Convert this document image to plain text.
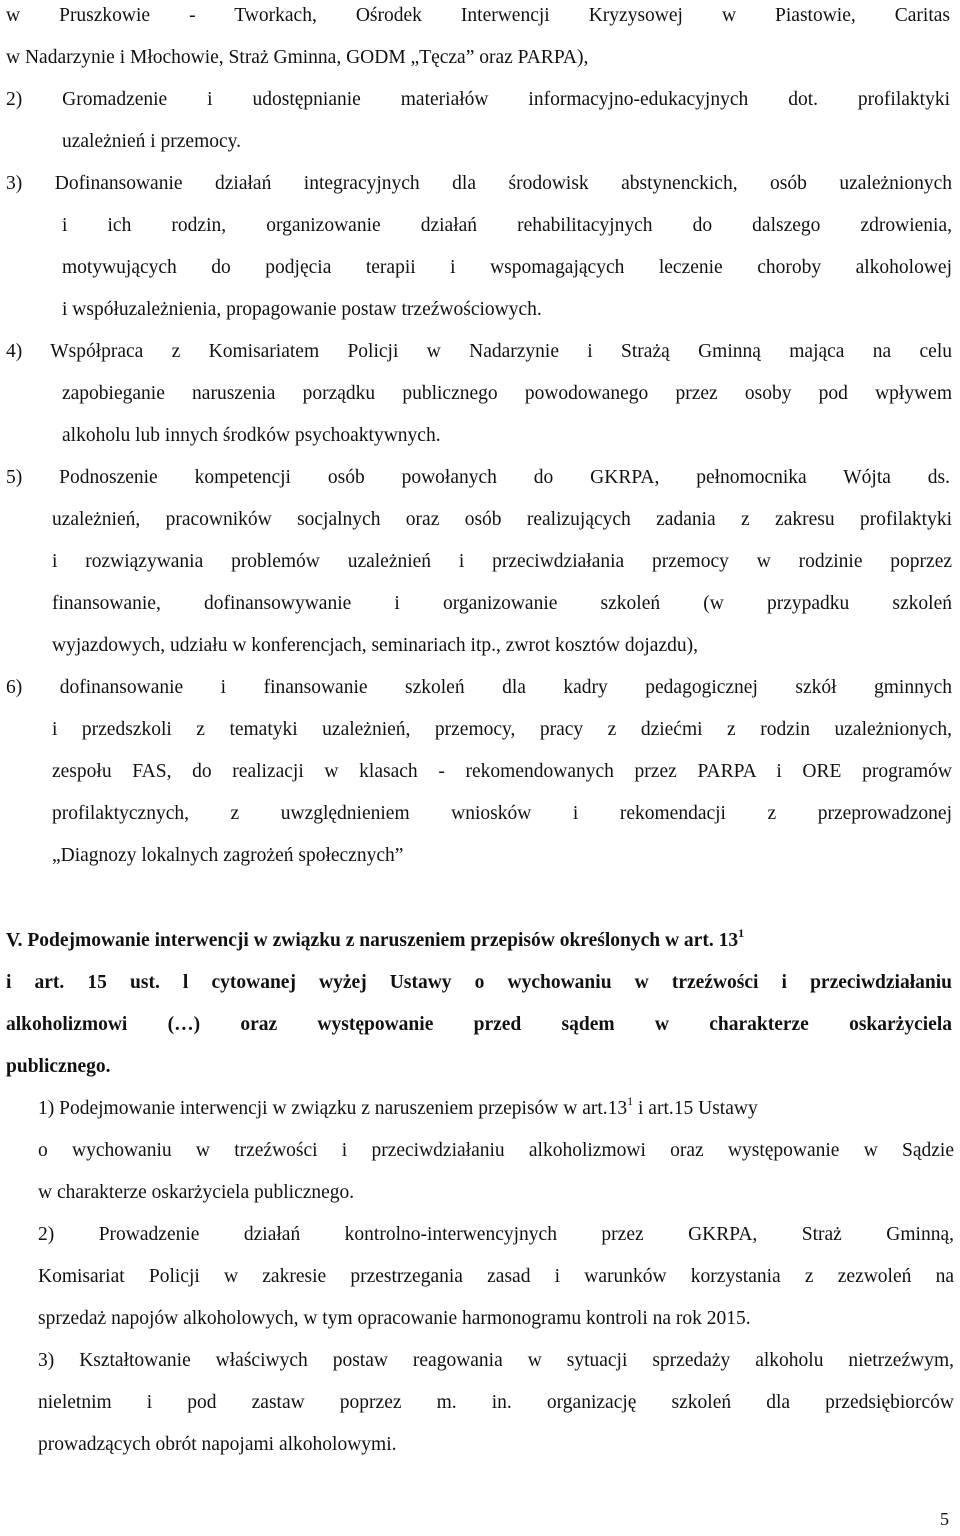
w Pruszkowie - Tworkach, Ośrodek Interwencji Kryzysowej w Piastowie, Caritas
w Nadarzynie i Młochowie, Straż Gminna, GODM „Tęcza” oraz PARPA),
2) Gromadzenie i udostępnianie materiałów informacyjno-edukacyjnych dot. profilaktyki
uzależnień i przemocy.
3) Dofinansowanie działań integracyjnych dla środowisk abstynenckich, osób uzależnionych
i ich rodzin, organizowanie działań rehabilitacyjnych do dalszego zdrowienia,
motywujących do podjęcia terapii i wspomagających leczenie choroby alkoholowej
i współuzależnienia, propagowanie postaw trzeźwościowych.
4) Współpraca z Komisariatem Policji w Nadarzynie i Strażą Gminną mająca na celu
zapobieganie naruszenia porządku publicznego powodowanego przez osoby pod wpływem
alkoholu lub innych środków psychoaktywnych.
5) Podnoszenie kompetencji osób powołanych do GKRPA, pełnomocnika Wójta ds.
uzależnień, pracowników socjalnych oraz osób realizujących zadania z zakresu profilaktyki
i rozwiązywania problemów uzależnień i przeciwdziałania przemocy w rodzinie poprzez
finansowanie, dofinansowywanie i organizowanie szkoleń (w przypadku szkoleń
wyjazdowych, udziału w konferencjach, seminariach itp., zwrot kosztów dojazdu),
6) dofinansowanie i finansowanie szkoleń dla kadry pedagogicznej szkół gminnych
i przedszkoli z tematyki uzależnień, przemocy, pracy z dziećmi z rodzin uzależnionych,
zespołu FAS, do realizacji w klasach - rekomendowanych przez PARPA i ORE programów
profilaktycznych, z uwzględnieniem wniosków i rekomendacji z przeprowadzonej
„Diagnozy lokalnych zagrożeń społecznych”
V. Podejmowanie interwencji w związku z naruszeniem przepisów określonych w art. $13^1$
i art. 15 ust. l cytowanej wyżej Ustawy o wychowaniu w trzeźwości i przeciwdziałaniu
alkoholizmowi (…) oraz występowanie przed sądem w charakterze oskarżyciela
publicznego.
1) Podejmowanie interwencji w związku z naruszeniem przepisów w $art.13^1$ i art.15 Ustawy
o wychowaniu w trzeźwości i przeciwdziałaniu alkoholizmowi oraz występowanie w Sądzie
w charakterze oskarżyciela publicznego.
2) Prowadzenie działań kontrolno-interwencyjnych przez GKRPA, Straż Gminną,
Komisariat Policji w zakresie przestrzegania zasad i warunków korzystania z zezwoleń na
sprzedaż napojów alkoholowych, w tym opracowanie harmonogramu kontroli na rok 2015.
3) Kształtowanie właściwych postaw reagowania w sytuacji sprzedaży alkoholu nietrzeźwym,
nieletnim i pod zastaw poprzez m. in. organizację szkoleń dla przedsiębiorców
prowadzących obrót napojami alkoholowymi.
5
